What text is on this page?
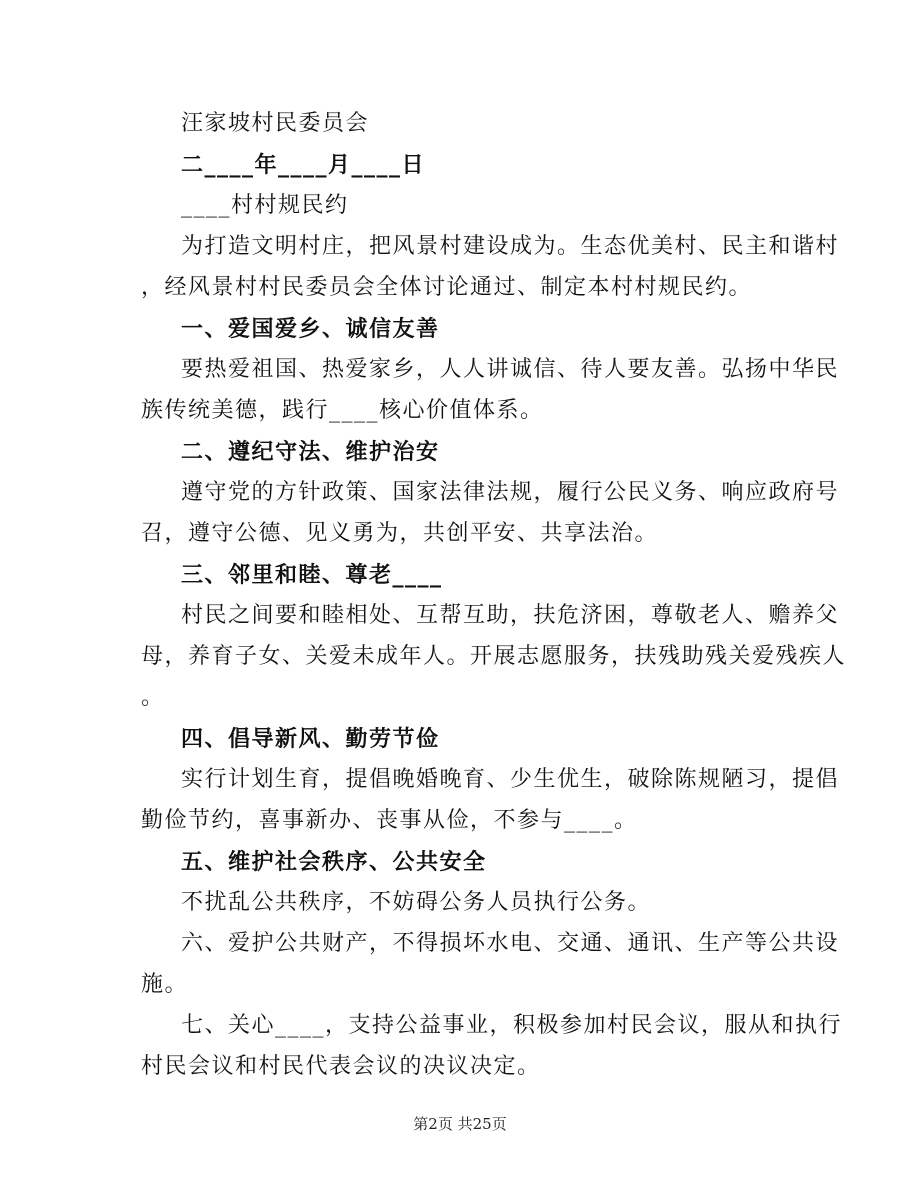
汪家坡村民委员会
二____年____月____日
____村村规民约
为打造文明村庄，把风景村建设成为。生态优美村、民主和谐村
，经风景村村民委员会全体讨论通过、制定本村村规民约。
一、爱国爱乡、诚信友善
要热爱祖国、热爱家乡，人人讲诚信、待人要友善。弘扬中华民
族传统美德，践行____核心价值体系。
二、遵纪守法、维护治安
遵守党的方针政策、国家法律法规，履行公民义务、响应政府号
召，遵守公德、见义勇为，共创平安、共享法治。
三、邻里和睦、尊老____
村民之间要和睦相处、互帮互助，扶危济困，尊敬老人、赡养父
母，养育子女、关爱未成年人。开展志愿服务，扶残助残关爱残疾人
。
四、倡导新风、勤劳节俭
实行计划生育，提倡晚婚晚育、少生优生，破除陈规陋习，提倡
勤俭节约，喜事新办、丧事从俭，不参与____。
五、维护社会秩序、公共安全
不扰乱公共秩序，不妨碍公务人员执行公务。
六、爱护公共财产，不得损坏水电、交通、通讯、生产等公共设
施。
七、关心____，支持公益事业，积极参加村民会议，服从和执行
村民会议和村民代表会议的决议决定。
第2页 共25页
